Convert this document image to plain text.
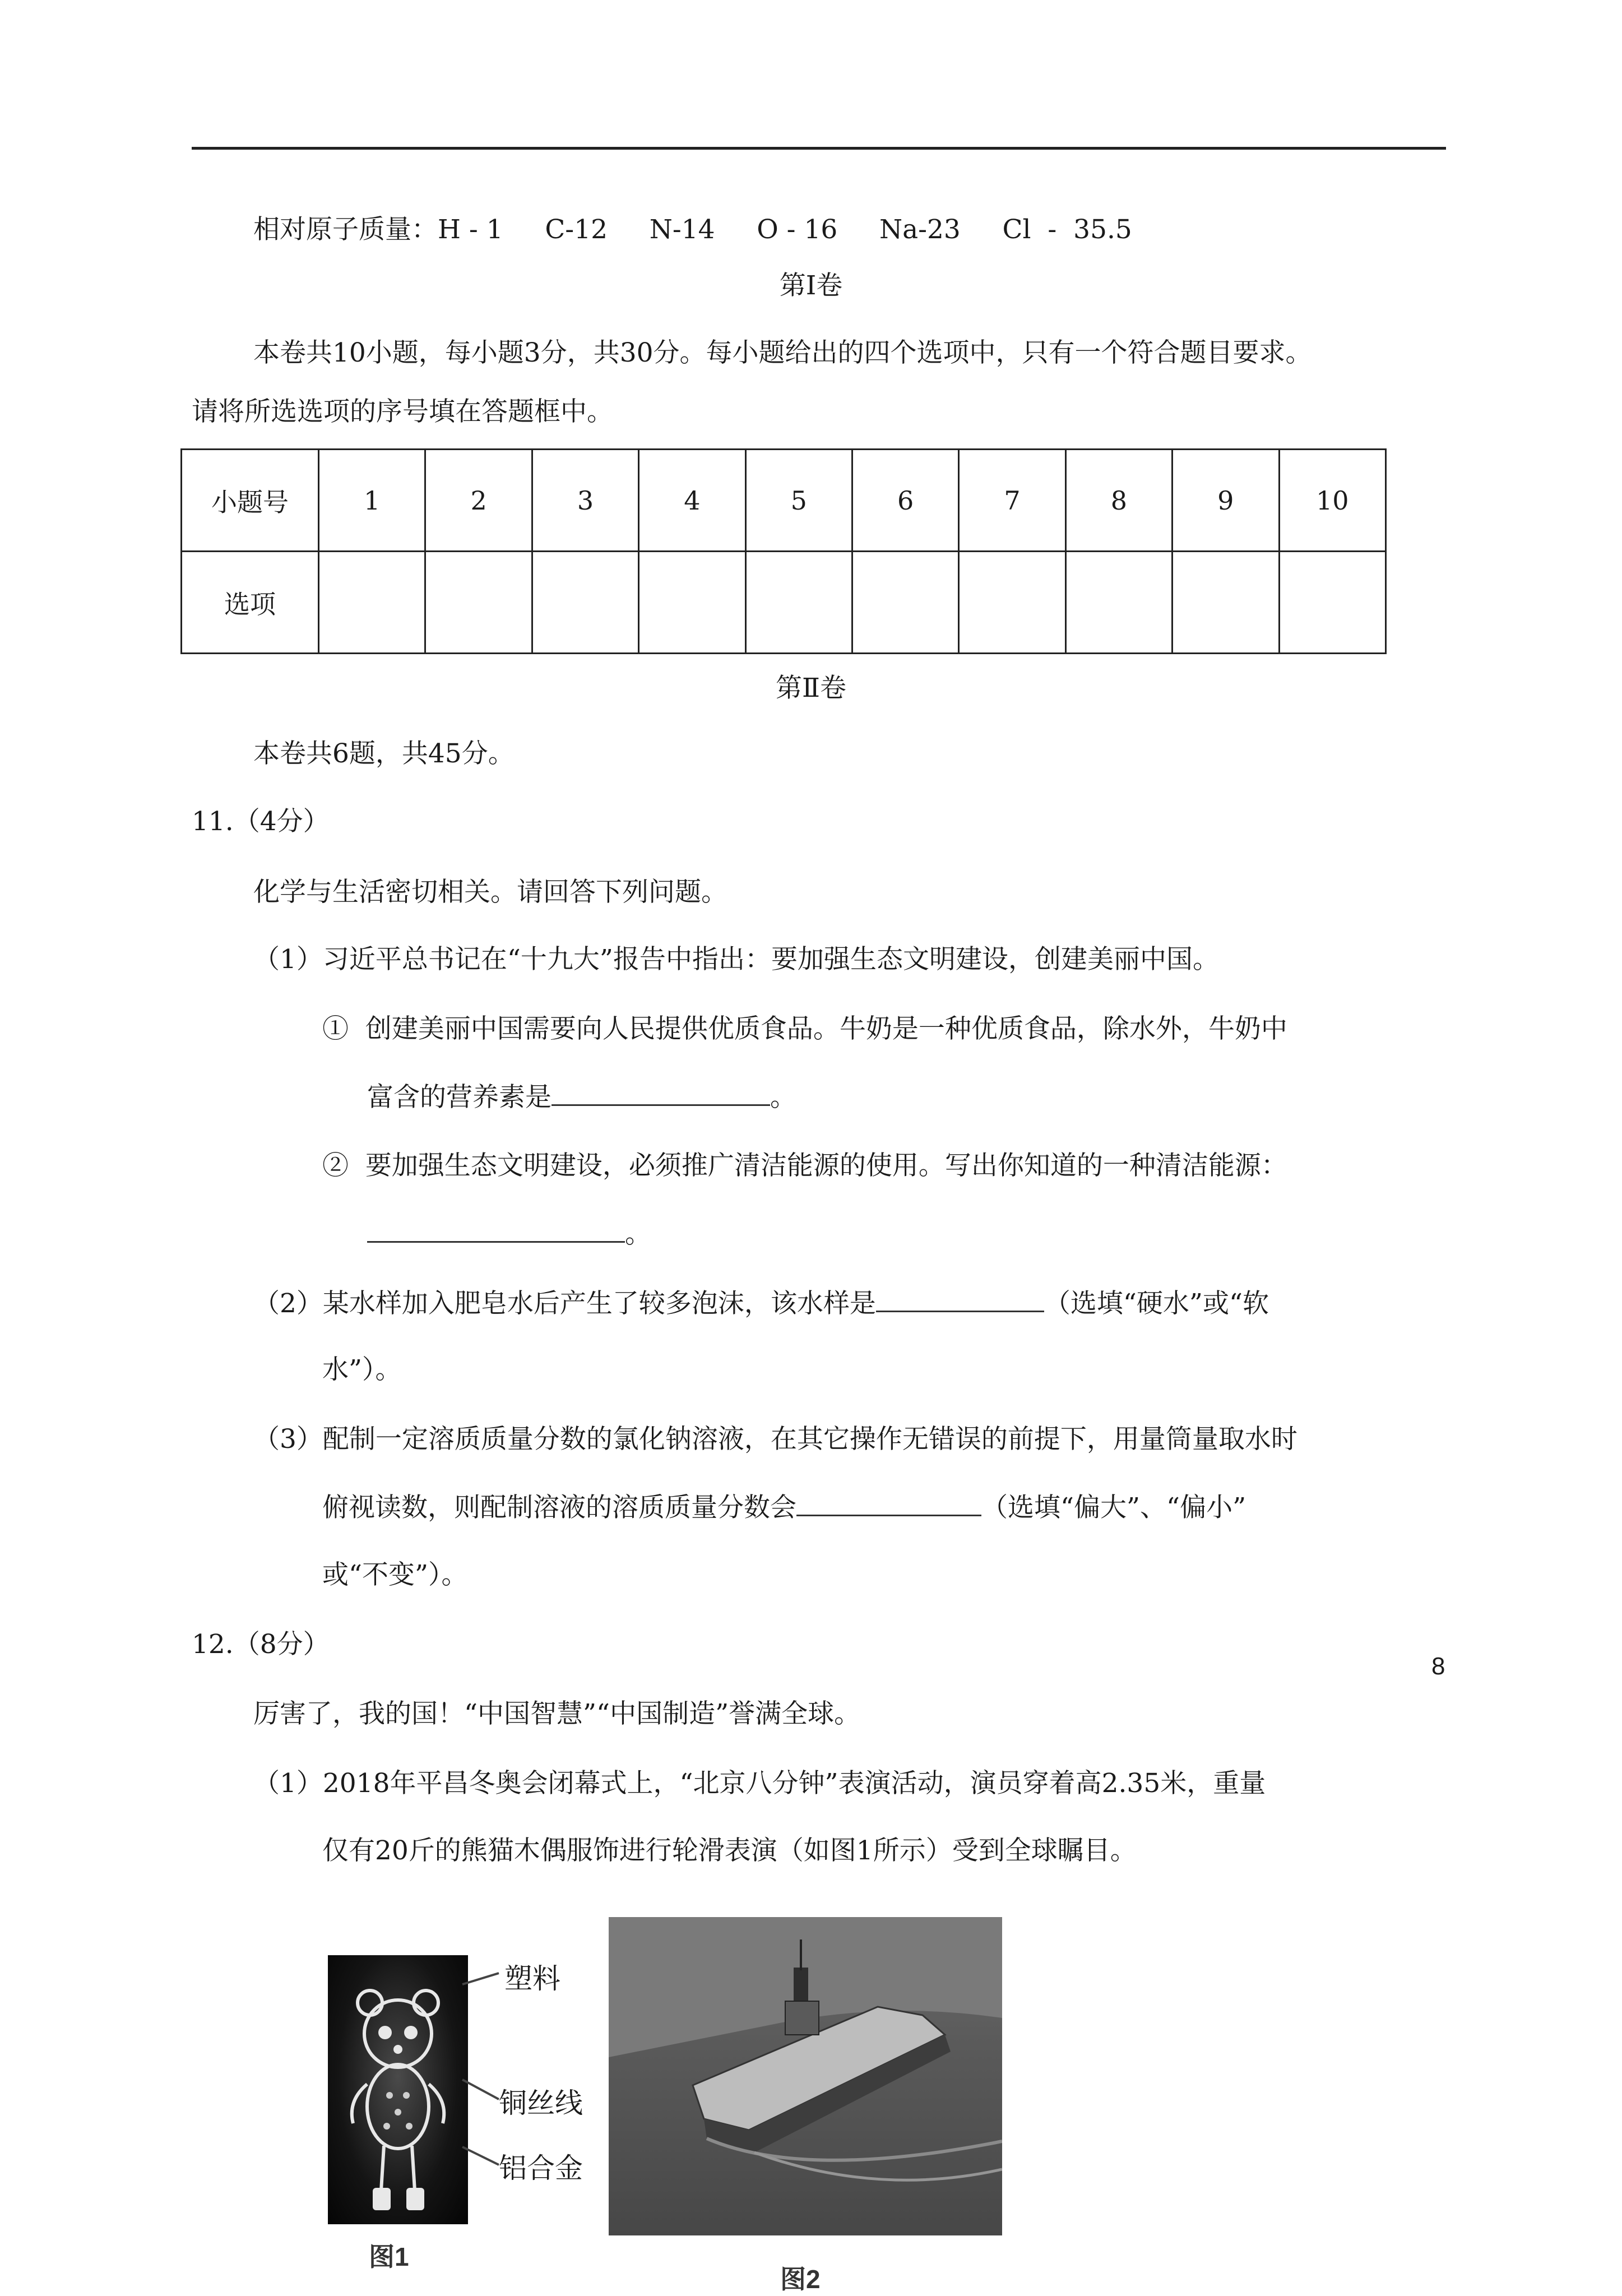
相对原子质量：H - 1     C-12     N-14     O - 16     Na-23     Cl  -  35.5
第Ⅰ卷
本卷共10小题，每小题3分，共30分。每小题给出的四个选项中，只有一个符合题目要求。
请将所选选项的序号填在答题框中。
小题号	1	2	3	4	5	6	7	8	9	10
选项										
第Ⅱ卷
本卷共6题，共45分。
11.（4分）
化学与生活密切相关。请回答下列问题。
（1）习近平总书记在“十九大”报告中指出：要加强生态文明建设，创建美丽中国。
①  创建美丽中国需要向人民提供优质食品。牛奶是一种优质食品，除水外，牛奶中
富含的营养素是	。
②  要加强生态文明建设，必须推广清洁能源的使用。写出你知道的一种清洁能源：
。
（2）某水样加入肥皂水后产生了较多泡沫，该水样是	（选填“硬水”或“软
水”）。
（3）配制一定溶质质量分数的氯化钠溶液，在其它操作无错误的前提下，用量筒量取水时
俯视读数，则配制溶液的溶质质量分数会	（选填“偏大”、“偏小”
或“不变”）。
12.（8分）
厉害了，我的国！“中国智慧”“中国制造”誉满全球。
（1）2018年平昌冬奥会闭幕式上，“北京八分钟”表演活动，演员穿着高2.35米，重量
仅有20斤的熊猫木偶服饰进行轮滑表演（如图1所示）受到全球瞩目。
塑料
铜丝线
铝合金
图1
图2
8
